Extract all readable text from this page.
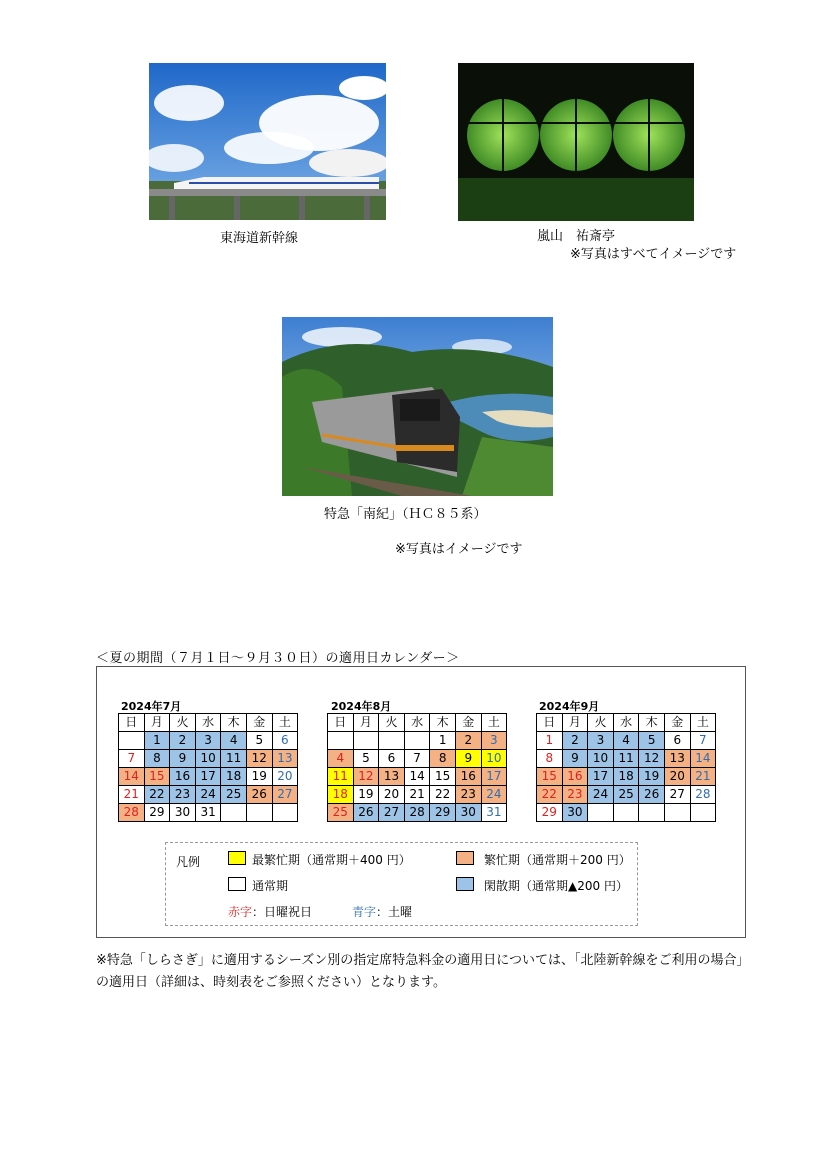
東海道新幹線	嵐山　祐斎亭
※写真はすべてイメージです
特急「南紀」（ＨＣ８５系）
※写真はイメージです
＜夏の期間（７月１日～９月３０日）の適用日カレンダー＞
2024年7月	2024年8月	2024年9月
日	月	火	水	木	金	土
	1	2	3	4	5	6
7	8	9	10	11	12	13
14	15	16	17	18	19	20
21	22	23	24	25	26	27
28	29	30	31			
日	月	火	水	木	金	土
				1	2	3
4	5	6	7	8	9	10
11	12	13	14	15	16	17
18	19	20	21	22	23	24
25	26	27	28	29	30	31
日	月	火	水	木	金	土
1	2	3	4	5	6	7
8	9	10	11	12	13	14
15	16	17	18	19	20	21
22	23	24	25	26	27	28
29	30					
凡例	最繁忙期（通常期＋400 円）	繁忙期（通常期＋200 円）
通常期	閑散期（通常期▲200 円）
赤字：日曜祝日	青字：土曜
※特急「しらさぎ」に適用するシーズン別の指定席特急料金の適用日については、「北陸新幹線をご利用の場合」の適用日（詳細は、時刻表をご参照ください）となります。
